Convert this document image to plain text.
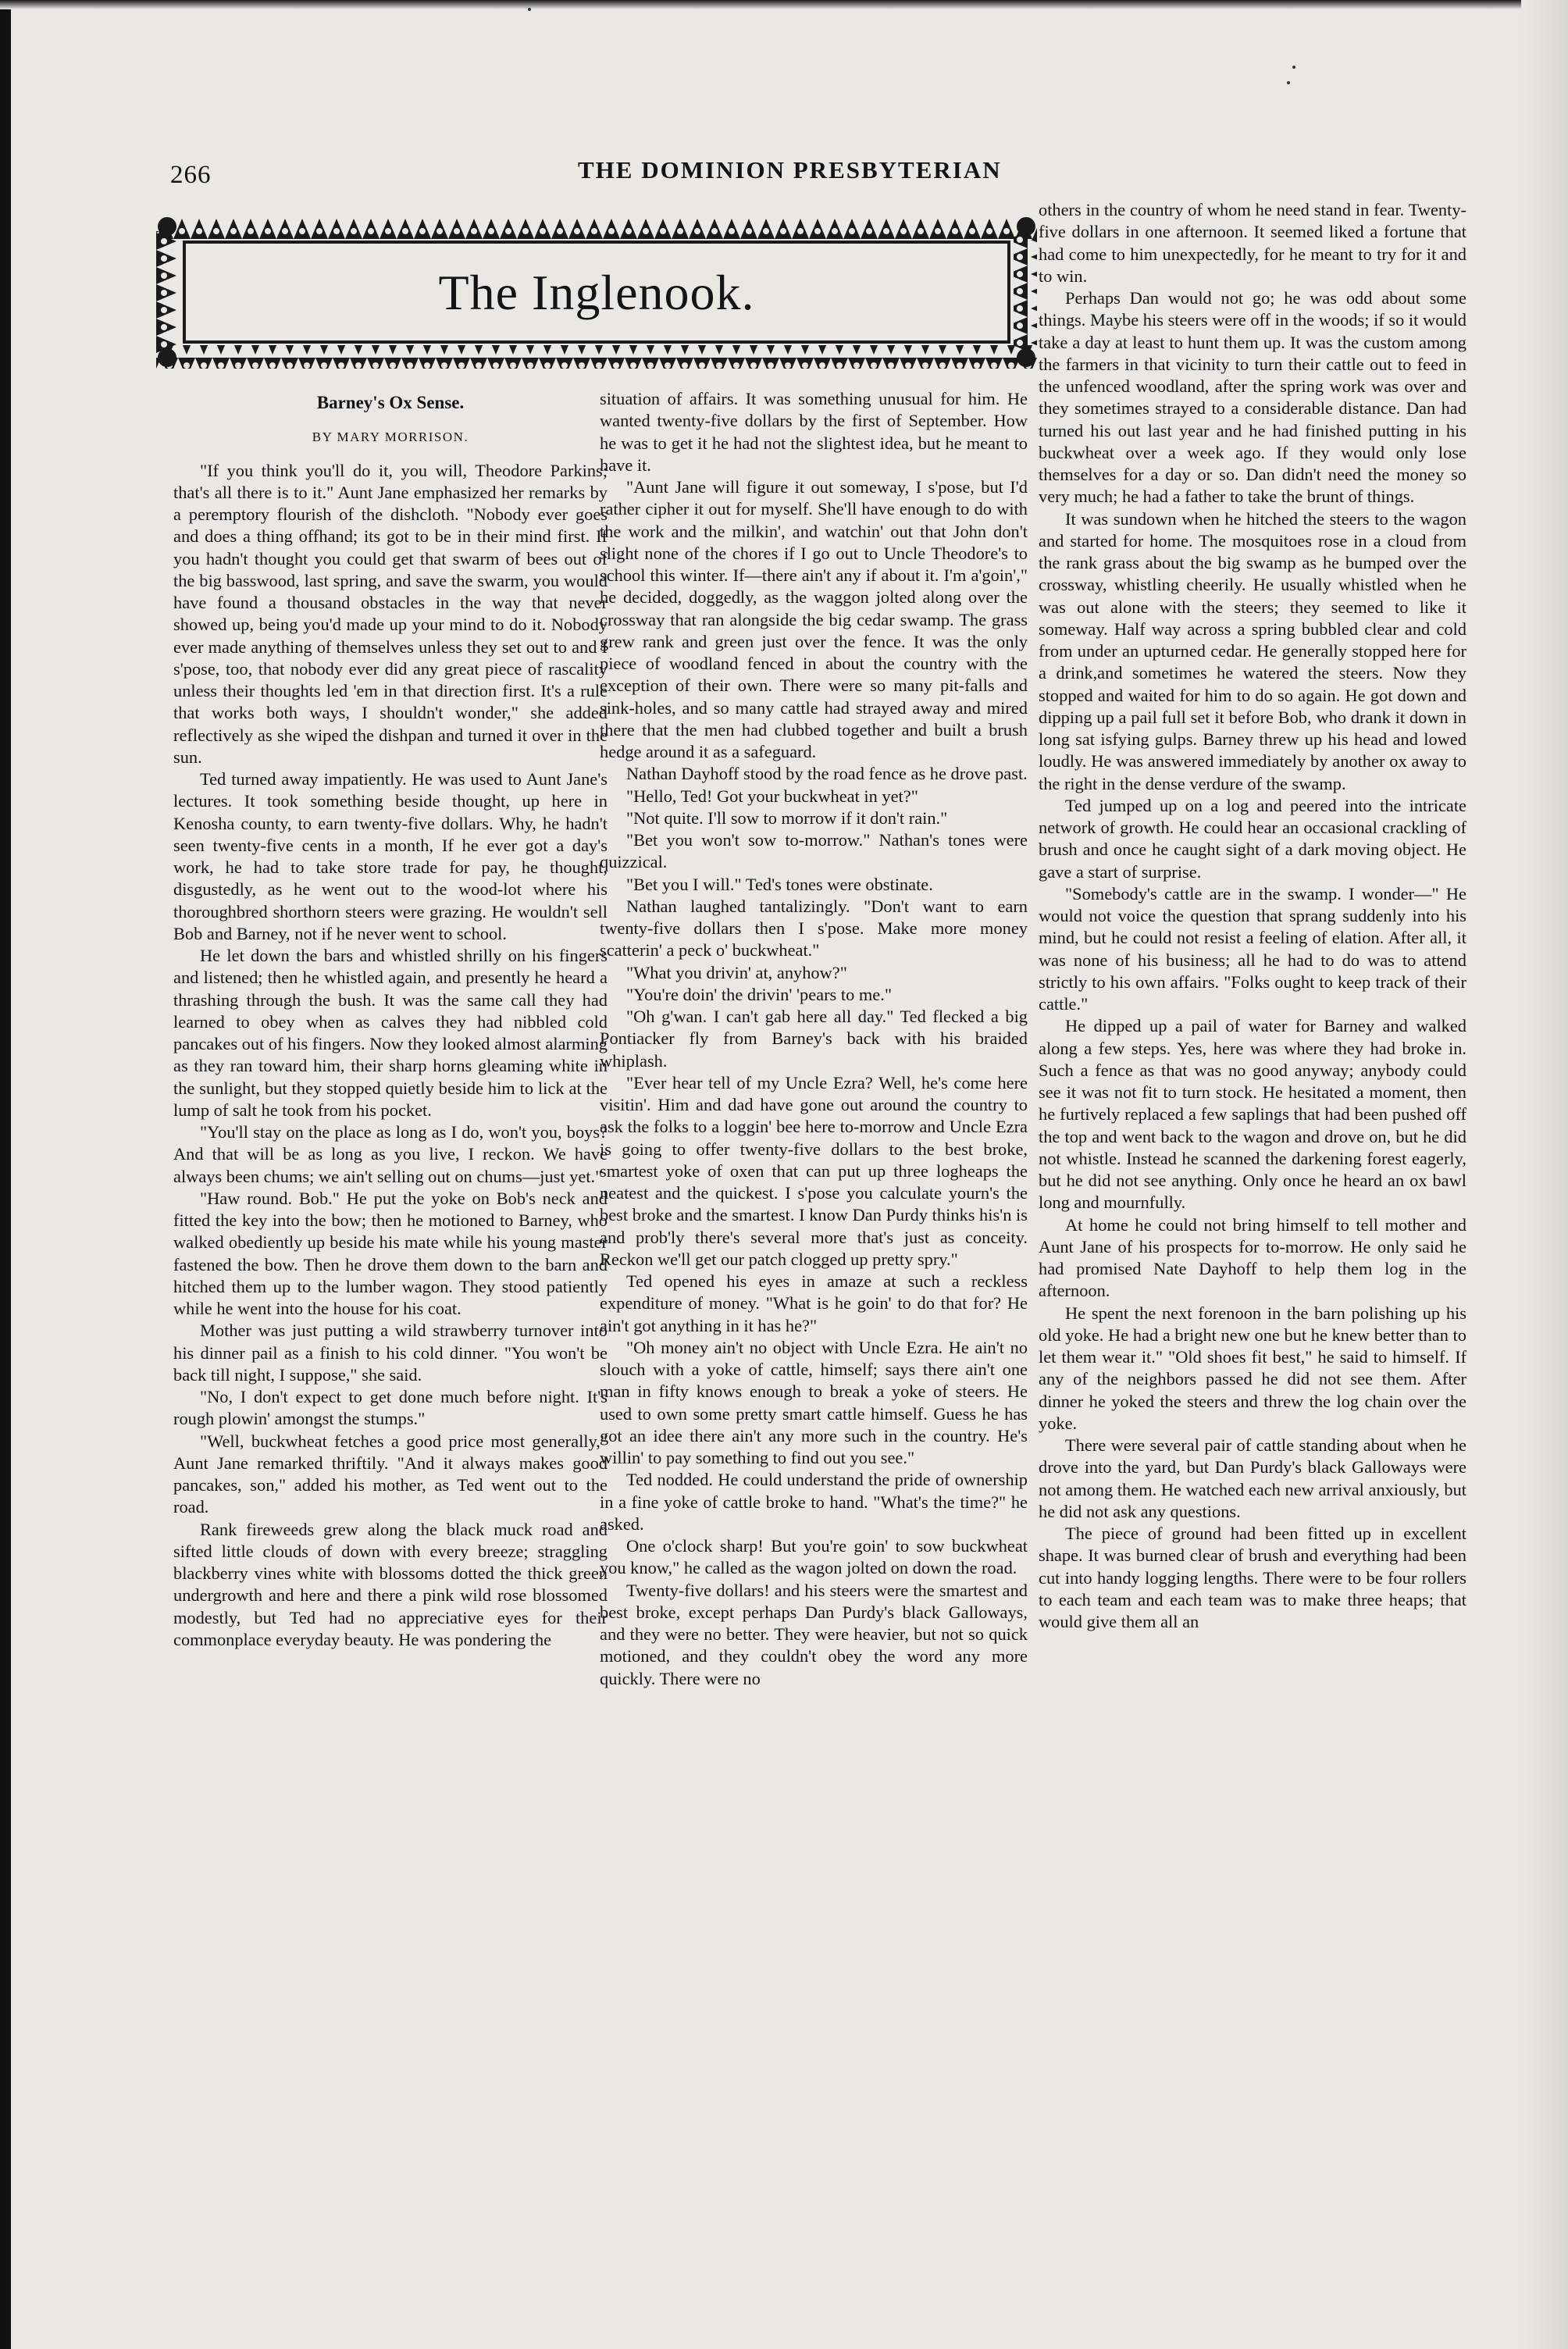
266	THE DOMINION PRESBYTERIAN
The Inglenook.

Barney's Ox Sense.

BY MARY MORRISON.

"If you think you'll do it, you will, Theodore Parkins; that's all there is to it." Aunt Jane emphasized her remarks by a peremptory flourish of the dishcloth. "Nobody ever goes and does a thing offhand; its got to be in their mind first. If you hadn't thought you could get that swarm of bees out of the big basswood, last spring, and save the swarm, you would have found a thousand obstacles in the way that never showed up, being you'd made up your mind to do it. Nobody ever made anything of themselves unless they set out to and I s'pose, too, that nobody ever did any great piece of rascality unless their thoughts led 'em in that direction first. It's a rule that works both ways, I shouldn't wonder," she added reflectively as she wiped the dishpan and turned it over in the sun.

Ted turned away impatiently. He was used to Aunt Jane's lectures. It took something beside thought, up here in Kenosha county, to earn twenty-five dollars. Why, he hadn't seen twenty-five cents in a month, If he ever got a day's work, he had to take store trade for pay, he thought, disgustedly, as he went out to the wood-lot where his thoroughbred shorthorn steers were grazing. He wouldn't sell Bob and Barney, not if he never went to school.

He let down the bars and whistled shrilly on his fingers and listened; then he whistled again, and presently he heard a thrashing through the bush. It was the same call they had learned to obey when as calves they had nibbled cold pancakes out of his fingers. Now they looked almost alarming as they ran toward him, their sharp horns gleaming white in the sunlight, but they stopped quietly beside him to lick at the lump of salt he took from his pocket.

"You'll stay on the place as long as I do, won't you, boys? And that will be as long as you live, I reckon. We have always been chums; we ain't selling out on chums—just yet."

"Haw round. Bob." He put the yoke on Bob's neck and fitted the key into the bow; then he motioned to Barney, who walked obediently up beside his mate while his young master fastened the bow. Then he drove them down to the barn and hitched them up to the lumber wagon. They stood patiently while he went into the house for his coat.

Mother was just putting a wild strawberry turnover into his dinner pail as a finish to his cold dinner. "You won't be back till night, I suppose," she said.

"No, I don't expect to get done much before night. It's rough plowin' amongst the stumps."

"Well, buckwheat fetches a good price most generally," Aunt Jane remarked thriftily. "And it always makes good pancakes, son," added his mother, as Ted went out to the road.

Rank fireweeds grew along the black muck road and sifted little clouds of down with every breeze; straggling blackberry vines white with blossoms dotted the thick green undergrowth and here and there a pink wild rose blossomed modestly, but Ted had no appreciative eyes for their commonplace everyday beauty. He was pondering the

situation of affairs. It was something unusual for him. He wanted twenty-five dollars by the first of September. How he was to get it he had not the slightest idea, but he meant to have it.

"Aunt Jane will figure it out someway, I s'pose, but I'd rather cipher it out for myself. She'll have enough to do with the work and the milkin', and watchin' out that John don't slight none of the chores if I go out to Uncle Theodore's to school this winter. If—there ain't any if about it. I'm a'goin'," he decided, doggedly, as the waggon jolted along over the crossway that ran alongside the big cedar swamp. The grass grew rank and green just over the fence. It was the only piece of woodland fenced in about the country with the exception of their own. There were so many pit-falls and sink-holes, and so many cattle had strayed away and mired there that the men had clubbed together and built a brush hedge around it as a safeguard.

Nathan Dayhoff stood by the road fence as he drove past.

"Hello, Ted! Got your buckwheat in yet?"

"Not quite. I'll sow to morrow if it don't rain."

"Bet you won't sow to-morrow." Nathan's tones were quizzical.

"Bet you I will." Ted's tones were obstinate.

Nathan laughed tantalizingly. "Don't want to earn twenty-five dollars then I s'pose. Make more money scatterin' a peck o' buckwheat."

"What you drivin' at, anyhow?"

"You're doin' the drivin' 'pears to me."

"Oh g'wan. I can't gab here all day." Ted flecked a big Pontiacker fly from Barney's back with his braided whiplash.

"Ever hear tell of my Uncle Ezra? Well, he's come here visitin'. Him and dad have gone out around the country to ask the folks to a loggin' bee here to-morrow and Uncle Ezra is going to offer twenty-five dollars to the best broke, smartest yoke of oxen that can put up three logheaps the neatest and the quickest. I s'pose you calculate yourn's the best broke and the smartest. I know Dan Purdy thinks his'n is and prob'ly there's several more that's just as conceity. Reckon we'll get our patch clogged up pretty spry."

Ted opened his eyes in amaze at such a reckless expenditure of money. "What is he goin' to do that for? He ain't got anything in it has he?"

"Oh money ain't no object with Uncle Ezra. He ain't no slouch with a yoke of cattle, himself; says there ain't one man in fifty knows enough to break a yoke of steers. He used to own some pretty smart cattle himself. Guess he has got an idee there ain't any more such in the country. He's willin' to pay something to find out you see."

Ted nodded. He could understand the pride of ownership in a fine yoke of cattle broke to hand. "What's the time?" he asked.

One o'clock sharp! But you're goin' to sow buckwheat you know," he called as the wagon jolted on down the road.

Twenty-five dollars! and his steers were the smartest and best broke, except perhaps Dan Purdy's black Galloways, and they were no better. They were heavier, but not so quick motioned, and they couldn't obey the word any more quickly. There were no

others in the country of whom he need stand in fear. Twenty-five dollars in one afternoon. It seemed liked a fortune that had come to him unexpectedly, for he meant to try for it and to win.

Perhaps Dan would not go; he was odd about some things. Maybe his steers were off in the woods; if so it would take a day at least to hunt them up. It was the custom among the farmers in that vicinity to turn their cattle out to feed in the unfenced woodland, after the spring work was over and they sometimes strayed to a considerable distance. Dan had turned his out last year and he had finished putting in his buckwheat over a week ago. If they would only lose themselves for a day or so. Dan didn't need the money so very much; he had a father to take the brunt of things.

It was sundown when he hitched the steers to the wagon and started for home. The mosquitoes rose in a cloud from the rank grass about the big swamp as he bumped over the crossway, whistling cheerily. He usually whistled when he was out alone with the steers; they seemed to like it someway. Half way across a spring bubbled clear and cold from under an upturned cedar. He generally stopped here for a drink,and sometimes he watered the steers. Now they stopped and waited for him to do so again. He got down and dipping up a pail full set it before Bob, who drank it down in long sat isfying gulps. Barney threw up his head and lowed loudly. He was answered immediately by another ox away to the right in the dense verdure of the swamp.

Ted jumped up on a log and peered into the intricate network of growth. He could hear an occasional crackling of brush and once he caught sight of a dark moving object. He gave a start of surprise.

"Somebody's cattle are in the swamp. I wonder—" He would not voice the question that sprang suddenly into his mind, but he could not resist a feeling of elation. After all, it was none of his business; all he had to do was to attend strictly to his own affairs. "Folks ought to keep track of their cattle."

He dipped up a pail of water for Barney and walked along a few steps. Yes, here was where they had broke in. Such a fence as that was no good anyway; anybody could see it was not fit to turn stock. He hesitated a moment, then he furtively replaced a few saplings that had been pushed off the top and went back to the wagon and drove on, but he did not whistle. Instead he scanned the darkening forest eagerly, but he did not see anything. Only once he heard an ox bawl long and mournfully.

At home he could not bring himself to tell mother and Aunt Jane of his prospects for to-morrow. He only said he had promised Nate Dayhoff to help them log in the afternoon.

He spent the next forenoon in the barn polishing up his old yoke. He had a bright new one but he knew better than to let them wear it." "Old shoes fit best," he said to himself. If any of the neighbors passed he did not see them. After dinner he yoked the steers and threw the log chain over the yoke.

There were several pair of cattle standing about when he drove into the yard, but Dan Purdy's black Galloways were not among them. He watched each new arrival anxiously, but he did not ask any questions.

The piece of ground had been fitted up in excellent shape. It was burned clear of brush and everything had been cut into handy logging lengths. There were to be four rollers to each team and each team was to make three heaps; that would give them all an
